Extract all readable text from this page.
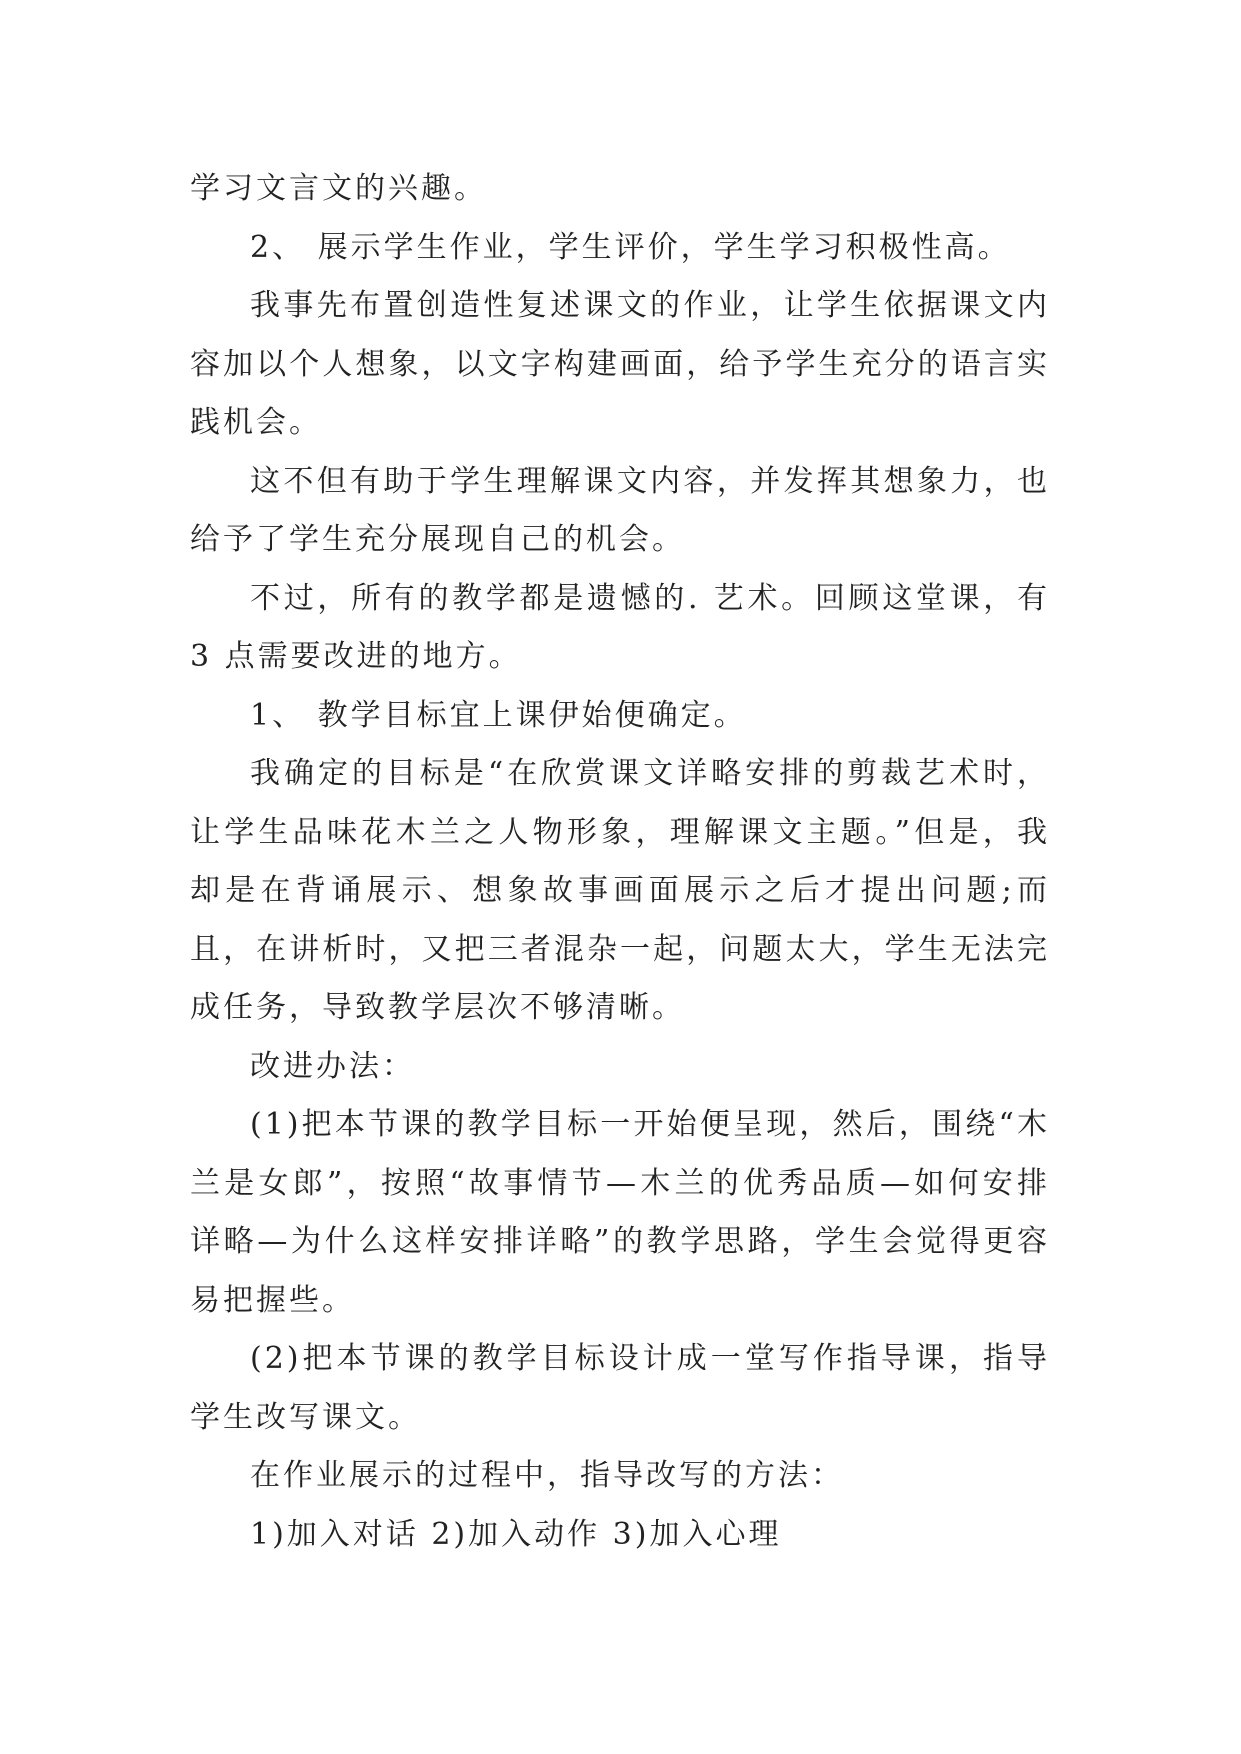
学习文言文的兴趣。

2、 展示学生作业，学生评价，学生学习积极性高。

我事先布置创造性复述课文的作业，让学生依据课文内容加以个人想象，以文字构建画面，给予学生充分的语言实践机会。

这不但有助于学生理解课文内容，并发挥其想象力，也给予了学生充分展现自己的机会。

不过，所有的教学都是遗憾的. 艺术。回顾这堂课，有 3 点需要改进的地方。

1、 教学目标宜上课伊始便确定。

我确定的目标是“在欣赏课文详略安排的剪裁艺术时，让学生品味花木兰之人物形象，理解课文主题。”但是，我却是在背诵展示、想象故事画面展示之后才提出问题;而且，在讲析时，又把三者混杂一起，问题太大，学生无法完成任务，导致教学层次不够清晰。

改进办法：

(1)把本节课的教学目标一开始便呈现，然后，围绕“木兰是女郎”，按照“故事情节—木兰的优秀品质—如何安排详略—为什么这样安排详略”的教学思路，学生会觉得更容易把握些。

(2)把本节课的教学目标设计成一堂写作指导课，指导学生改写课文。

在作业展示的过程中，指导改写的方法：

1)加入对话 2)加入动作 3)加入心理
